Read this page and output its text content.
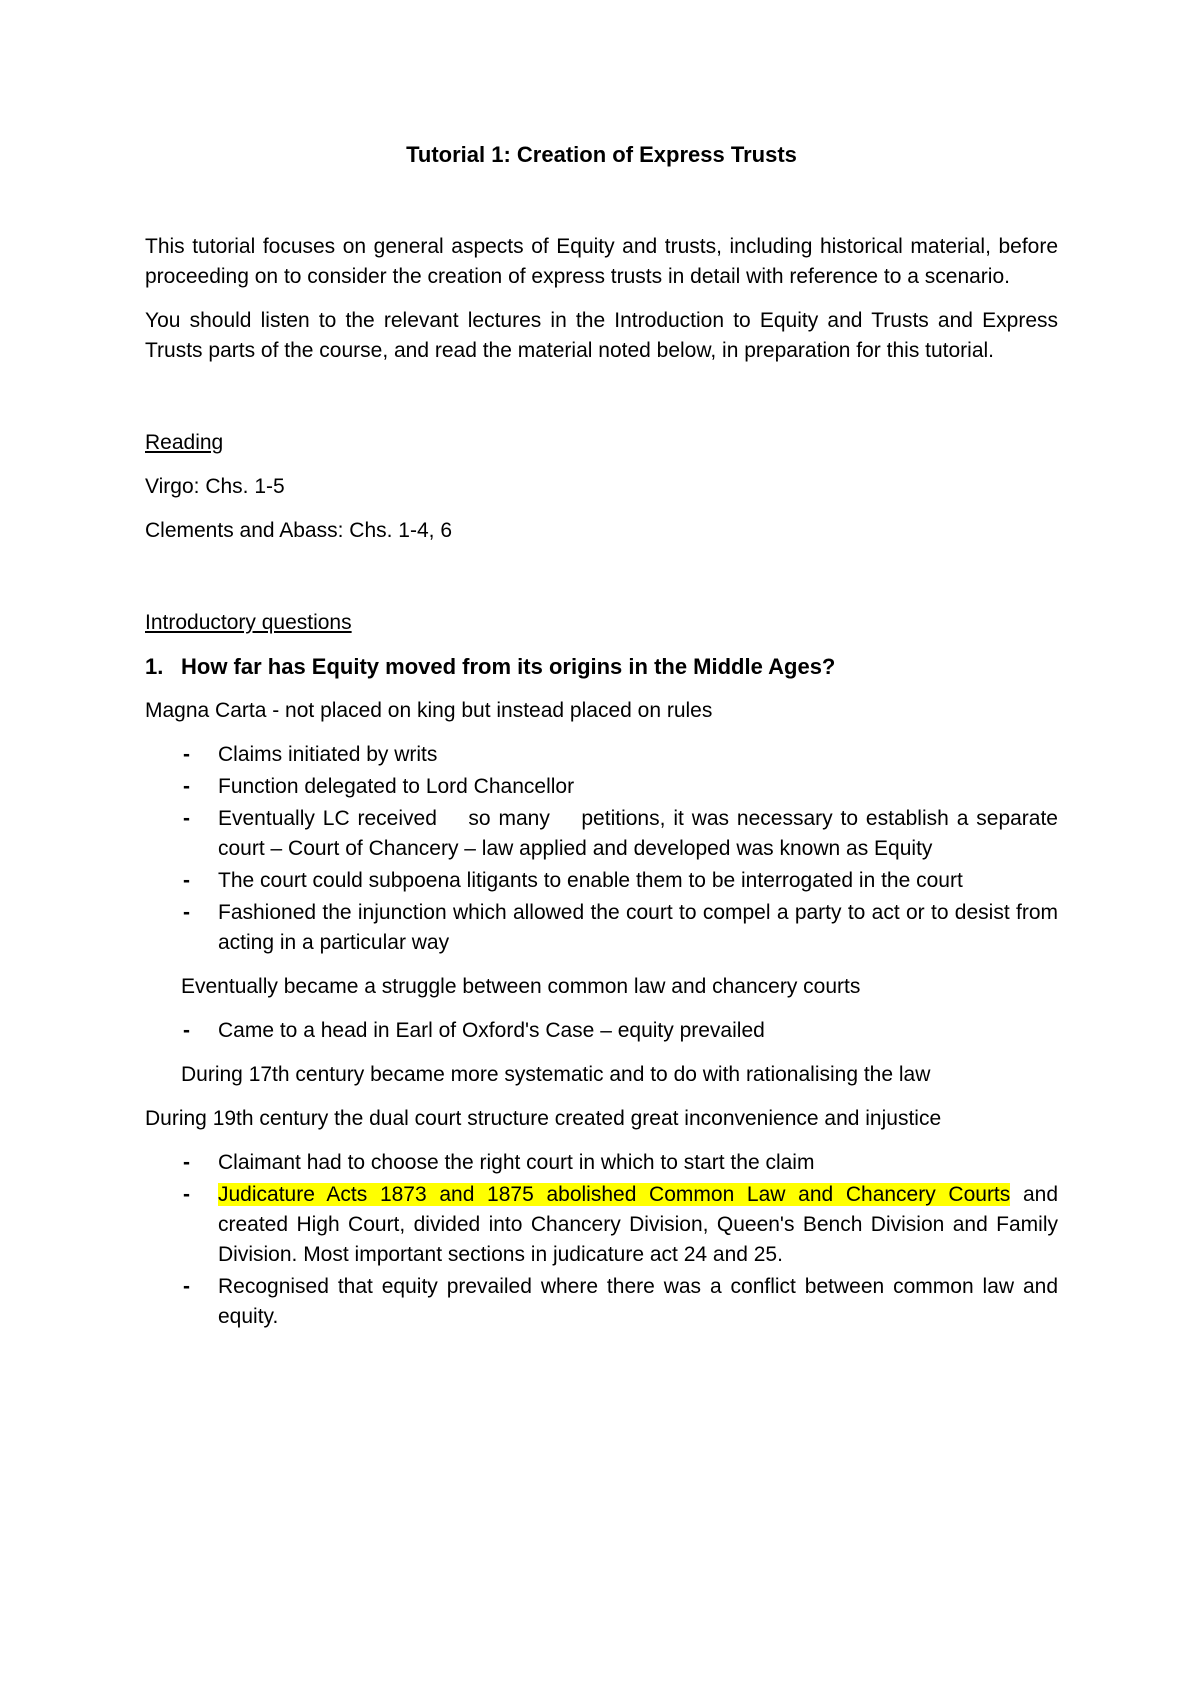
Tutorial 1: Creation of Express Trusts

This tutorial focuses on general aspects of Equity and trusts, including historical material, before proceeding on to consider the creation of express trusts in detail with reference to a scenario.

You should listen to the relevant lectures in the Introduction to Equity and Trusts and Express Trusts parts of the course, and read the material noted below, in preparation for this tutorial.

Reading

Virgo: Chs. 1-5

Clements and Abass: Chs. 1-4, 6

Introductory questions

1. How far has Equity moved from its origins in the Middle Ages?

Magna Carta - not placed on king but instead placed on rules

- Claims initiated by writs
- Function delegated to Lord Chancellor
- Eventually LC received    so many    petitions, it was necessary to establish a separate court – Court of Chancery – law applied and developed was known as Equity
- The court could subpoena litigants to enable them to be interrogated in the court
- Fashioned the injunction which allowed the court to compel a party to act or to desist from acting in a particular way

Eventually became a struggle between common law and chancery courts

- Came to a head in Earl of Oxford's Case – equity prevailed

During 17th century became more systematic and to do with rationalising the law

During 19th century the dual court structure created great inconvenience and injustice

- Claimant had to choose the right court in which to start the claim
- Judicature Acts 1873 and 1875 abolished Common Law and Chancery Courts and created High Court, divided into Chancery Division, Queen's Bench Division and Family Division. Most important sections in judicature act 24 and 25.
- Recognised that equity prevailed where there was a conflict between common law and equity.
